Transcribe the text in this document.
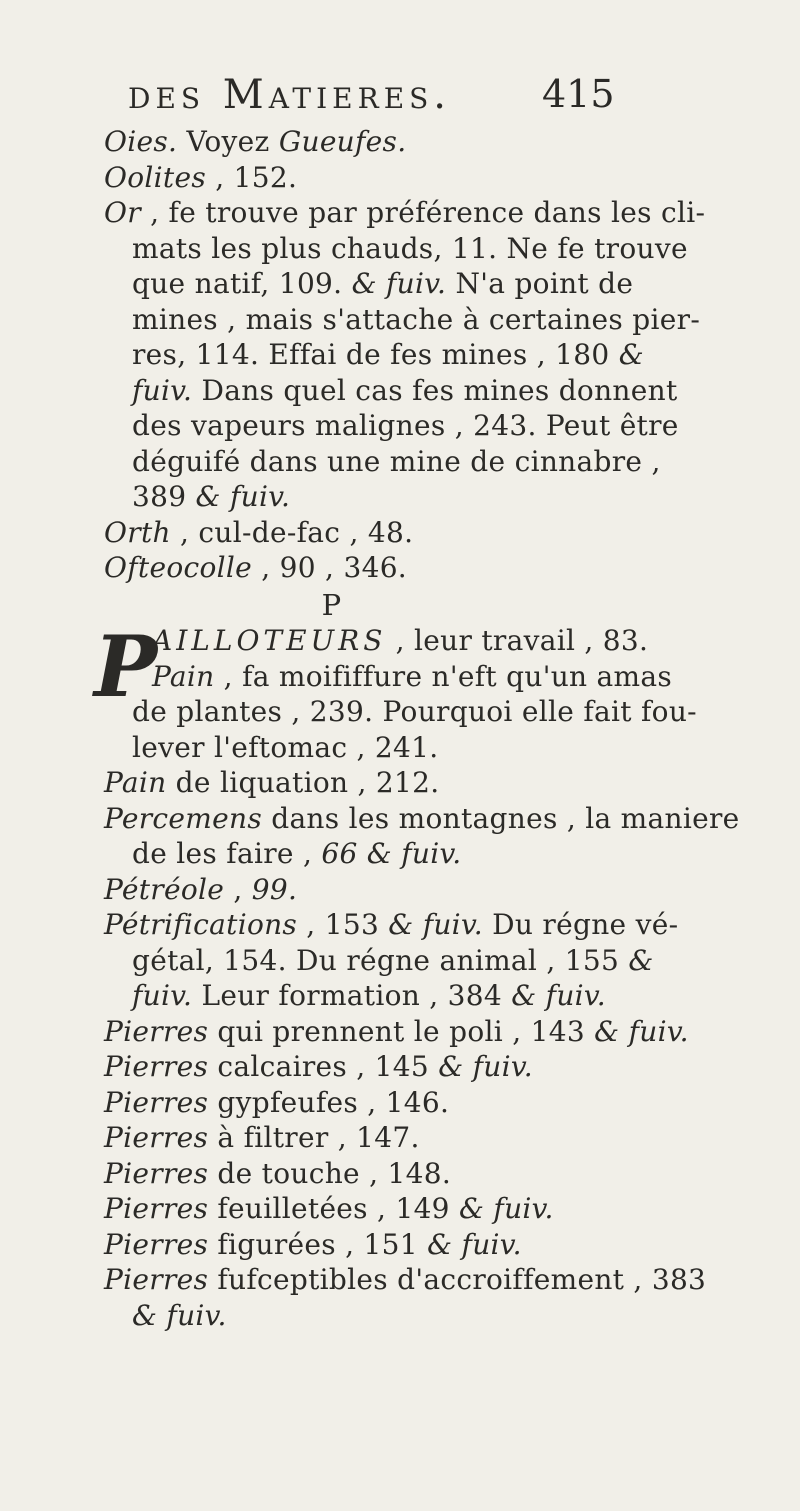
des Matieres. 415
Oies. Voyez Gueufes.
Oolites , 152.
Or , fe trouve par préférence dans les cli-
mats les plus chauds, 11. Ne fe trouve
que natif, 109. & fuiv. N'a point de
mines , mais s'attache à certaines pier-
res, 114. Effai de fes mines , 180 &
fuiv. Dans quel cas fes mines donnent
des vapeurs malignes , 243. Peut être
déguifé dans une mine de cinnabre ,
389 & fuiv.
Orth , cul-de-fac , 48.
Ofteocolle , 90 , 346.
P
P
AILLOTEURS , leur travail , 83.
Pain , fa moififfure n'eft qu'un amas
de plantes , 239. Pourquoi elle fait fou-
lever l'eftomac , 241.
Pain de liquation , 212.
Percemens dans les montagnes , la maniere
de les faire , 66 & fuiv.
Pétréole , 99.
Pétrifications , 153 & fuiv. Du régne vé-
gétal, 154. Du régne animal , 155 &
fuiv. Leur formation , 384 & fuiv.
Pierres qui prennent le poli , 143 & fuiv.
Pierres calcaires , 145 & fuiv.
Pierres gypfeufes , 146.
Pierres à filtrer , 147.
Pierres de touche , 148.
Pierres feuilletées , 149 & fuiv.
Pierres figurées , 151 & fuiv.
Pierres fufceptibles d'accroiffement , 383
& fuiv.
